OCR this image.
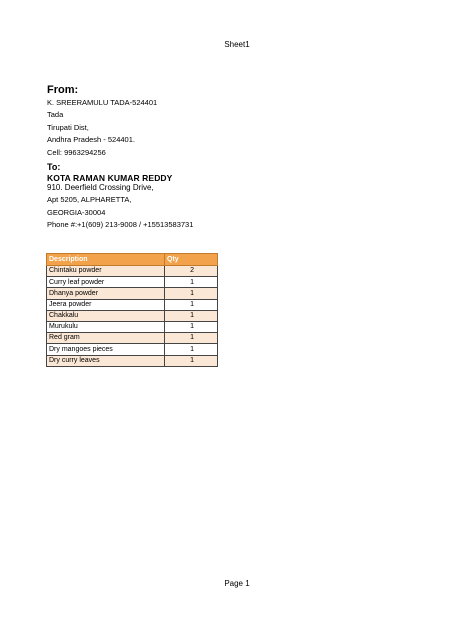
Sheet1
From:
K. SREERAMULU TADA-524401
Tada
Tirupati Dist,
Andhra Pradesh - 524401.
Cell: 9963294256
To:
KOTA RAMAN KUMAR REDDY
910. Deerfield Crossing Drive,
Apt 5205, ALPHARETTA,
GEORGIA-30004
Phone #:+1(609) 213-9008 / +15513583731
Description	Qty
Chintaku powder	2
Curry leaf powder	1
Dhanya powder	1
Jeera powder	1
Chakkalu	1
Murukulu	1
Red gram	1
Dry mangoes pieces	1
Dry curry leaves	1
Page 1
